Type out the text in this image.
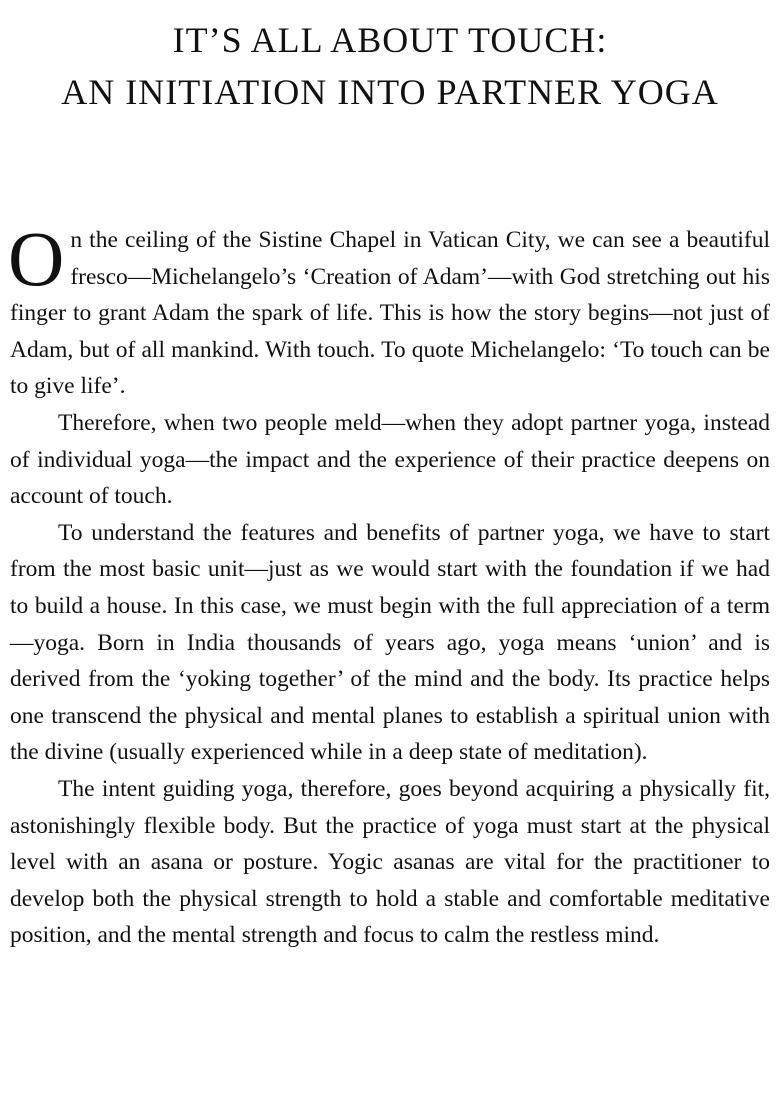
IT’S ALL ABOUT TOUCH:
AN INITIATION INTO PARTNER YOGA

On the ceiling of the Sistine Chapel in Vatican City, we can see a beautiful fresco—Michelangelo’s ‘Creation of Adam’—with God stretching out his finger to grant Adam the spark of life. This is how the story begins—not just of Adam, but of all mankind. With touch. To quote Michelangelo: ‘To touch can be to give life’.

Therefore, when two people meld—when they adopt partner yoga, instead of individual yoga—the impact and the experience of their practice deepens on account of touch.

To understand the features and benefits of partner yoga, we have to start from the most basic unit—just as we would start with the foundation if we had to build a house. In this case, we must begin with the full appreciation of a term—yoga. Born in India thousands of years ago, yoga means ‘union’ and is derived from the ‘yoking together’ of the mind and the body. Its practice helps one transcend the physical and mental planes to establish a spiritual union with the divine (usually experienced while in a deep state of meditation).

The intent guiding yoga, therefore, goes beyond acquiring a physically fit, astonishingly flexible body. But the practice of yoga must start at the physical level with an asana or posture. Yogic asanas are vital for the practitioner to develop both the physical strength to hold a stable and comfortable meditative position, and the mental strength and focus to calm the restless mind.
